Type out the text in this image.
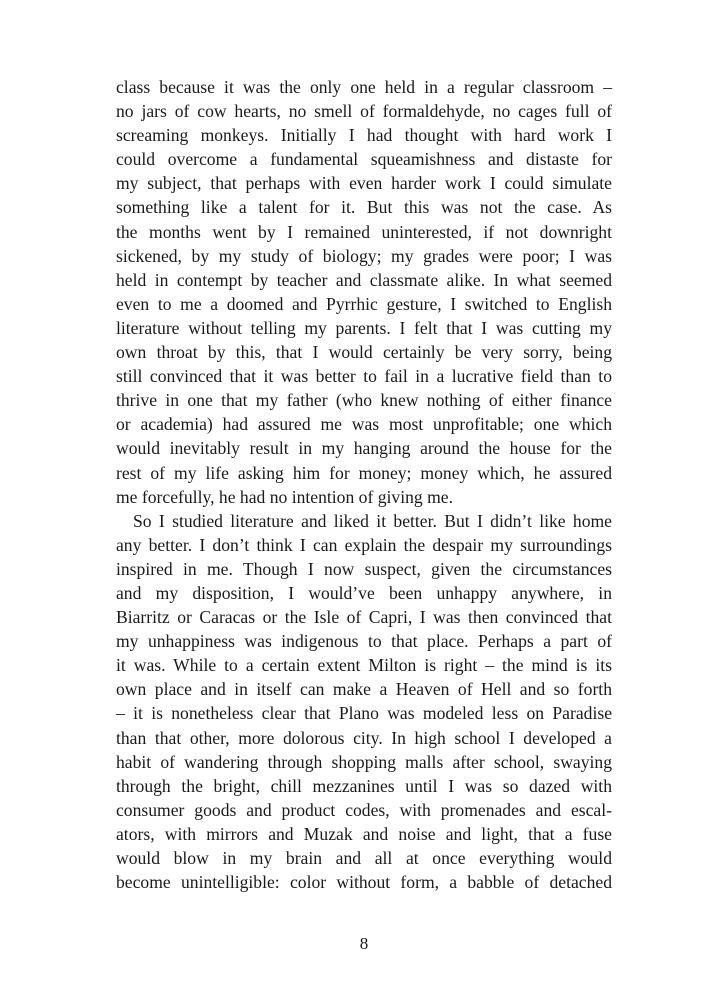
class because it was the only one held in a regular classroom –
no jars of cow hearts, no smell of formaldehyde, no cages full of
screaming monkeys. Initially I had thought with hard work I
could overcome a fundamental squeamishness and distaste for
my subject, that perhaps with even harder work I could simulate
something like a talent for it. But this was not the case. As
the months went by I remained uninterested, if not downright
sickened, by my study of biology; my grades were poor; I was
held in contempt by teacher and classmate alike. In what seemed
even to me a doomed and Pyrrhic gesture, I switched to English
literature without telling my parents. I felt that I was cutting my
own throat by this, that I would certainly be very sorry, being
still convinced that it was better to fail in a lucrative field than to
thrive in one that my father (who knew nothing of either finance
or academia) had assured me was most unprofitable; one which
would inevitably result in my hanging around the house for the
rest of my life asking him for money; money which, he assured
me forcefully, he had no intention of giving me.
So I studied literature and liked it better. But I didn’t like home
any better. I don’t think I can explain the despair my surroundings
inspired in me. Though I now suspect, given the circumstances
and my disposition, I would’ve been unhappy anywhere, in
Biarritz or Caracas or the Isle of Capri, I was then convinced that
my unhappiness was indigenous to that place. Perhaps a part of
it was. While to a certain extent Milton is right – the mind is its
own place and in itself can make a Heaven of Hell and so forth
– it is nonetheless clear that Plano was modeled less on Paradise
than that other, more dolorous city. In high school I developed a
habit of wandering through shopping malls after school, swaying
through the bright, chill mezzanines until I was so dazed with
consumer goods and product codes, with promenades and escal-
ators, with mirrors and Muzak and noise and light, that a fuse
would blow in my brain and all at once everything would
become unintelligible: color without form, a babble of detached
8
